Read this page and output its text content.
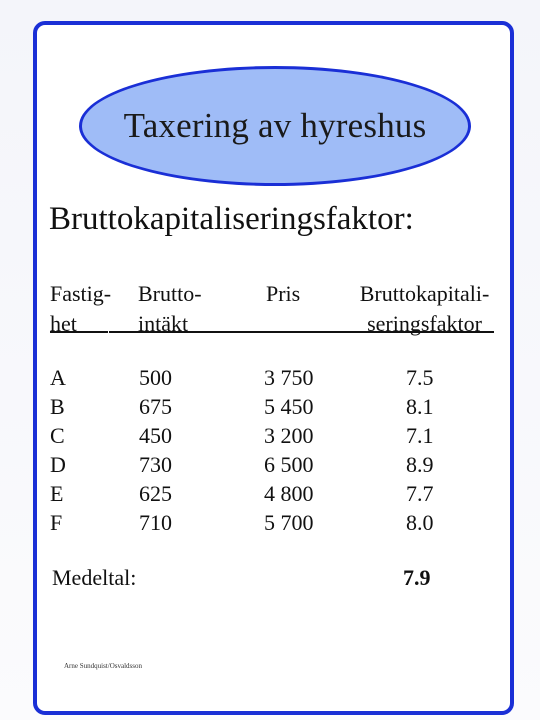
Taxering av hyreshus
Bruttokapitaliseringsfaktor:
Fastig-
het
Brutto-
intäkt
Pris	Bruttokapitali-
seringsfaktor
A
B
C
D
E
F
500
675
450
730
625
710
3 750
5 450
3 200
6 500
4 800
5 700
7.5
8.1
7.1
8.9
7.7
8.0
Medeltal:	7.9
Arne Sundquist/Osvaldsson
